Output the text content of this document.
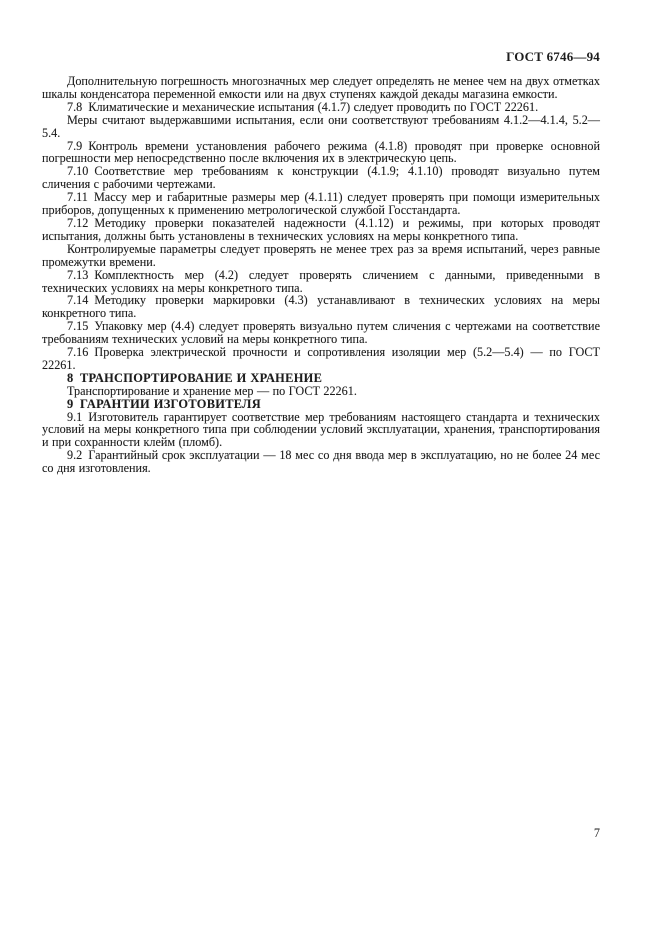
ГОСТ 6746—94

Дополнительную погрешность многозначных мер следует определять не менее чем на двух отметках шкалы конденсатора переменной емкости или на двух ступенях каждой декады магазина емкости.

7.8 Климатические и механические испытания (4.1.7) следует проводить по ГОСТ 22261.

Меры считают выдержавшими испытания, если они соответствуют требованиям 4.1.2—4.1.4, 5.2—5.4.

7.9 Контроль времени установления рабочего режима (4.1.8) проводят при проверке основной погрешности мер непосредственно после включения их в электрическую цепь.

7.10 Соответствие мер требованиям к конструкции (4.1.9; 4.1.10) проводят визуально путем сличения с рабочими чертежами.

7.11 Массу мер и габаритные размеры мер (4.1.11) следует проверять при помощи измерительных приборов, допущенных к применению метрологической службой Госстандарта.

7.12 Методику проверки показателей надежности (4.1.12) и режимы, при которых проводят испытания, должны быть установлены в технических условиях на меры конкретного типа.

Контролируемые параметры следует проверять не менее трех раз за время испытаний, через равные промежутки времени.

7.13 Комплектность мер (4.2) следует проверять сличением с данными, приведенными в технических условиях на меры конкретного типа.

7.14 Методику проверки маркировки (4.3) устанавливают в технических условиях на меры конкретного типа.

7.15 Упаковку мер (4.4) следует проверять визуально путем сличения с чертежами на соответствие требованиям технических условий на меры конкретного типа.

7.16 Проверка электрической прочности и сопротивления изоляции мер (5.2—5.4) — по ГОСТ 22261.

8 ТРАНСПОРТИРОВАНИЕ И ХРАНЕНИЕ

Транспортирование и хранение мер — по ГОСТ 22261.

9 ГАРАНТИИ ИЗГОТОВИТЕЛЯ

9.1 Изготовитель гарантирует соответствие мер требованиям настоящего стандарта и технических условий на меры конкретного типа при соблюдении условий эксплуатации, хранения, транспортирования и при сохранности клейм (пломб).

9.2 Гарантийный срок эксплуатации — 18 мес со дня ввода мер в эксплуатацию, но не более 24 мес со дня изготовления.

7
